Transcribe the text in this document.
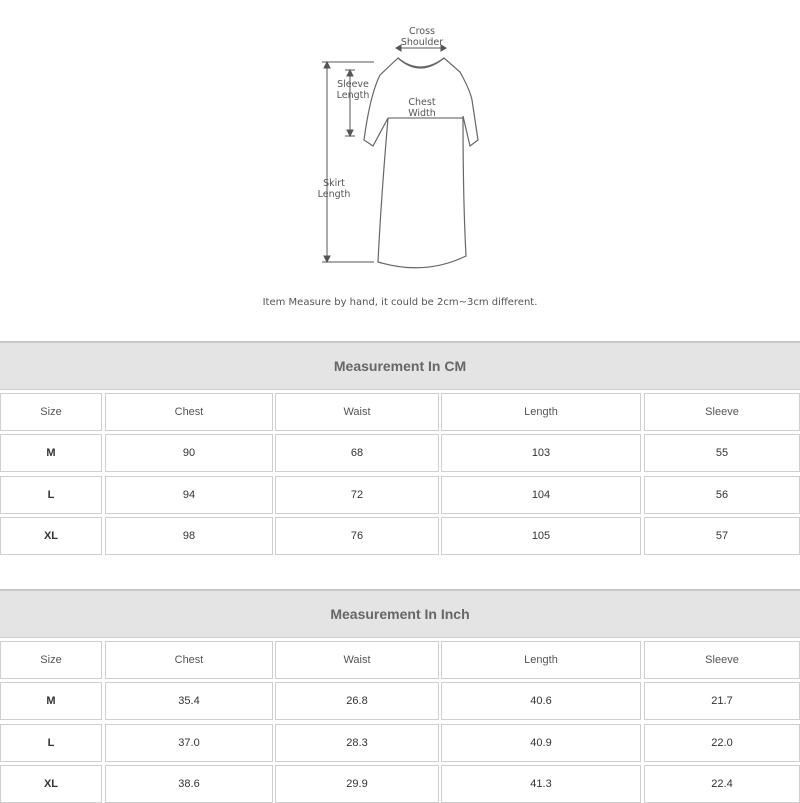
Cross
Shoulder
Sleeve
Length
Chest
Width
Skirt
Length
Item Measure by hand, it could be 2cm~3cm different.
Measurement In CM
Size	Chest	Waist	Length	Sleeve
M	90	68	103	55
L	94	72	104	56
XL	98	76	105	57
Measurement In Inch
Size	Chest	Waist	Length	Sleeve
M	35.4	26.8	40.6	21.7
L	37.0	28.3	40.9	22.0
XL	38.6	29.9	41.3	22.4
